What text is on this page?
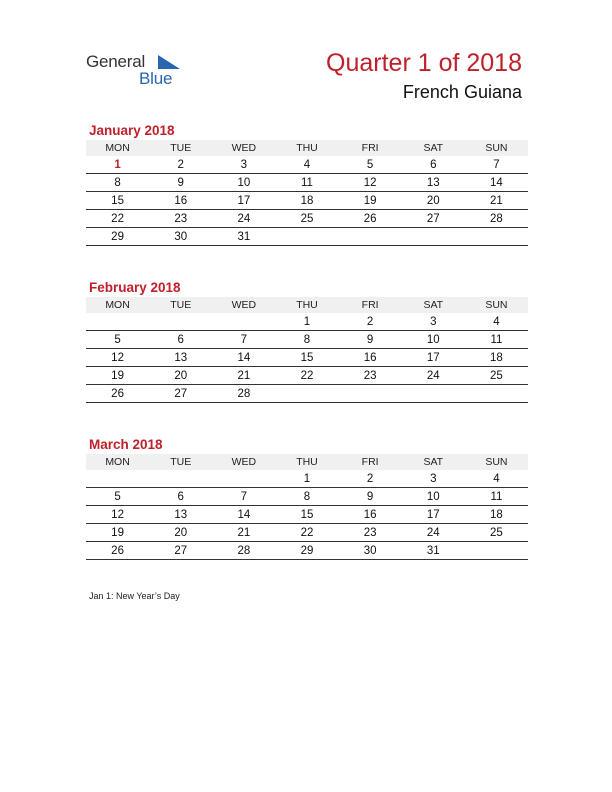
General
Blue
Quarter 1 of 2018
French Guiana
January 2018
MON	TUE	WED	THU	FRI	SAT	SUN
1	2	3	4	5	6	7
8	9	10	11	12	13	14
15	16	17	18	19	20	21
22	23	24	25	26	27	28
29	30	31				
February 2018
MON	TUE	WED	THU	FRI	SAT	SUN
			1	2	3	4
5	6	7	8	9	10	11
12	13	14	15	16	17	18
19	20	21	22	23	24	25
26	27	28				
March 2018
MON	TUE	WED	THU	FRI	SAT	SUN
			1	2	3	4
5	6	7	8	9	10	11
12	13	14	15	16	17	18
19	20	21	22	23	24	25
26	27	28	29	30	31	
Jan 1: New Year’s Day
